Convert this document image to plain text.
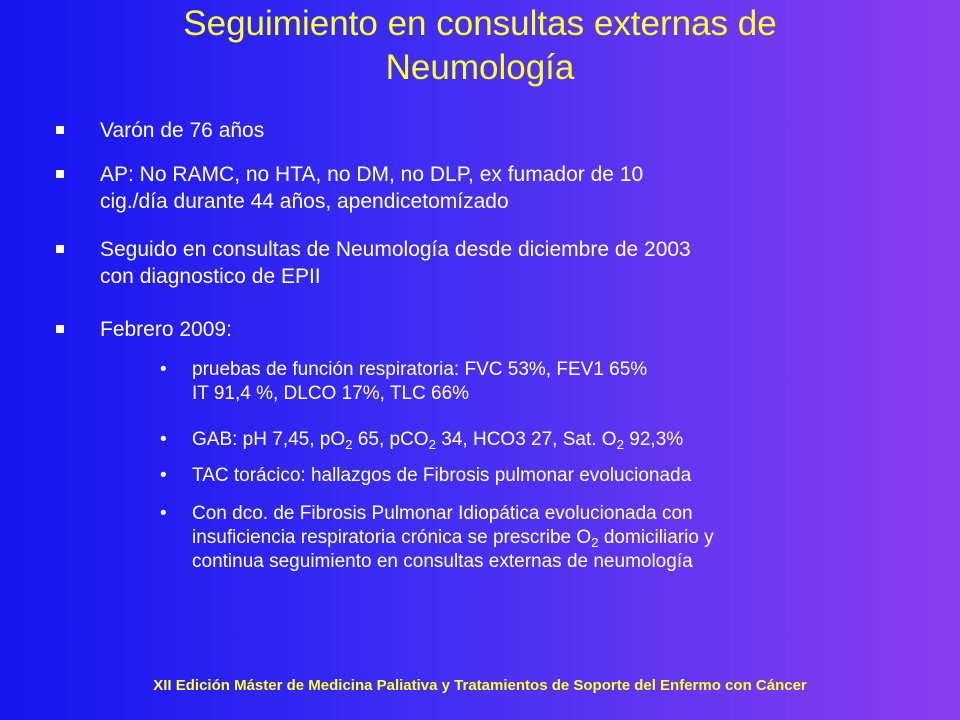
Seguimiento en consultas externas de
Neumología
Varón de 76 años
AP: No RAMC, no HTA, no DM, no DLP, ex fumador de 10
cig./día durante 44 años, apendicetomízado
Seguido en consultas de Neumología desde diciembre de 2003
con diagnostico de EPII
Febrero 2009:
•	pruebas de función respiratoria: FVC 53%, FEV1 65%
IT 91,4 %, DLCO 17%, TLC 66%
•	GAB: pH 7,45, $pO_2$ 65, pCO$_2$ 34, HCO3 27, Sat. $O_2$ 92,3%
•	TAC torácico: hallazgos de Fibrosis pulmonar evolucionada
•	Con dco. de Fibrosis Pulmonar Idiopática evolucionada con
insuficiencia respiratoria crónica se prescribe $O_2$ domiciliario y
continua seguimiento en consultas externas de neumología
XII Edición Máster de Medicina Paliativa y Tratamientos de Soporte del Enfermo con Cáncer
